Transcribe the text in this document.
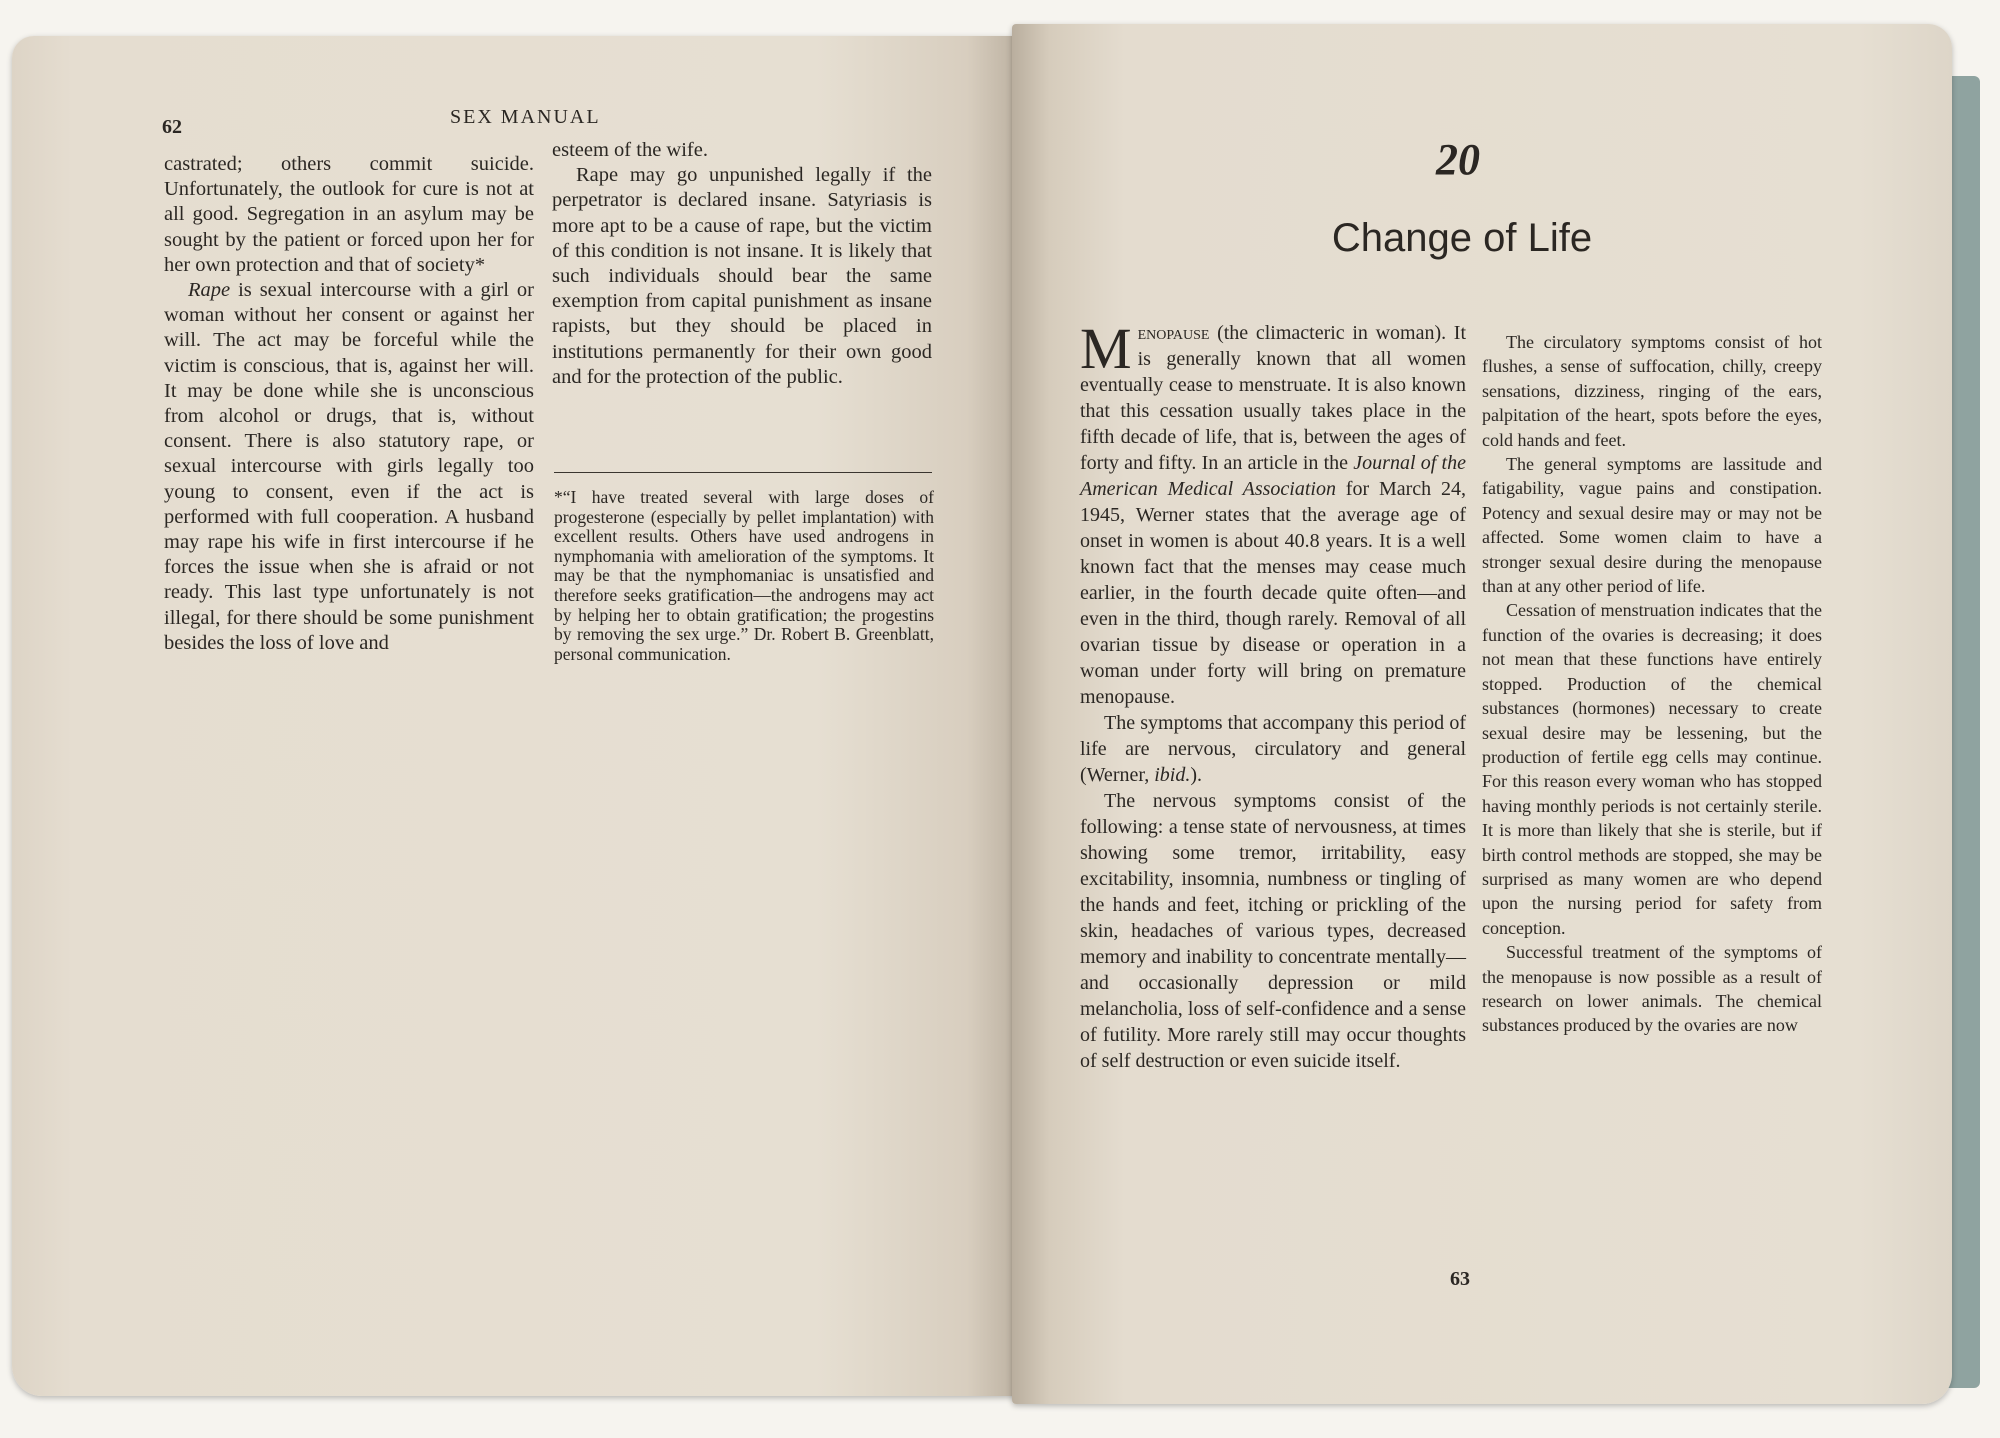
62	SEX MANUAL

castrated; others commit suicide. Unfortunately, the outlook for cure is not at all good. Segregation in an asylum may be sought by the patient or forced upon her for her own protection and that of society*

Rape is sexual intercourse with a girl or woman without her consent or against her will. The act may be forceful while the victim is conscious, that is, against her will. It may be done while she is unconscious from alcohol or drugs, that is, without consent. There is also statutory rape, or sexual intercourse with girls legally too young to consent, even if the act is performed with full cooperation. A husband may rape his wife in first intercourse if he forces the issue when she is afraid or not ready. This last type unfortunately is not illegal, for there should be some punishment besides the loss of love and

esteem of the wife.

Rape may go unpunished legally if the perpetrator is declared insane. Satyriasis is more apt to be a cause of rape, but the victim of this condition is not insane. It is likely that such individuals should bear the same exemption from capital punishment as insane rapists, but they should be placed in institutions permanently for their own good and for the protection of the public.

*“I have treated several with large doses of progesterone (especially by pellet implantation) with excellent results. Others have used androgens in nymphomania with amelioration of the symptoms. It may be that the nymphomaniac is unsatisfied and therefore seeks gratification—the androgens may act by helping her to obtain gratification; the progestins by removing the sex urge.” Dr. Robert B. Greenblatt, personal communication.

20
Change of Life

Menopause (the climacteric in woman). It is generally known that all women eventually cease to menstruate. It is also known that this cessation usually takes place in the fifth decade of life, that is, between the ages of forty and fifty. In an article in the Journal of the American Medical Association for March 24, 1945, Werner states that the average age of onset in women is about 40.8 years. It is a well known fact that the menses may cease much earlier, in the fourth decade quite often—and even in the third, though rarely. Removal of all ovarian tissue by disease or operation in a woman under forty will bring on premature menopause.

The symptoms that accompany this period of life are nervous, circulatory and general (Werner, ibid.).

The nervous symptoms consist of the following: a tense state of nervousness, at times showing some tremor, irritability, easy excitability, insomnia, numbness or tingling of the hands and feet, itching or prickling of the skin, headaches of various types, decreased memory and inability to concentrate mentally—and occasionally depression or mild melancholia, loss of self-confidence and a sense of futility. More rarely still may occur thoughts of self destruction or even suicide itself.

The circulatory symptoms consist of hot flushes, a sense of suffocation, chilly, creepy sensations, dizziness, ringing of the ears, palpitation of the heart, spots before the eyes, cold hands and feet.

The general symptoms are lassitude and fatigability, vague pains and constipation. Potency and sexual desire may or may not be affected. Some women claim to have a stronger sexual desire during the menopause than at any other period of life.

Cessation of menstruation indicates that the function of the ovaries is decreasing; it does not mean that these functions have entirely stopped. Production of the chemical substances (hormones) necessary to create sexual desire may be lessening, but the production of fertile egg cells may continue. For this reason every woman who has stopped having monthly periods is not certainly sterile. It is more than likely that she is sterile, but if birth control methods are stopped, she may be surprised as many women are who depend upon the nursing period for safety from conception.

Successful treatment of the symptoms of the menopause is now possible as a result of research on lower animals. The chemical substances produced by the ovaries are now

63
